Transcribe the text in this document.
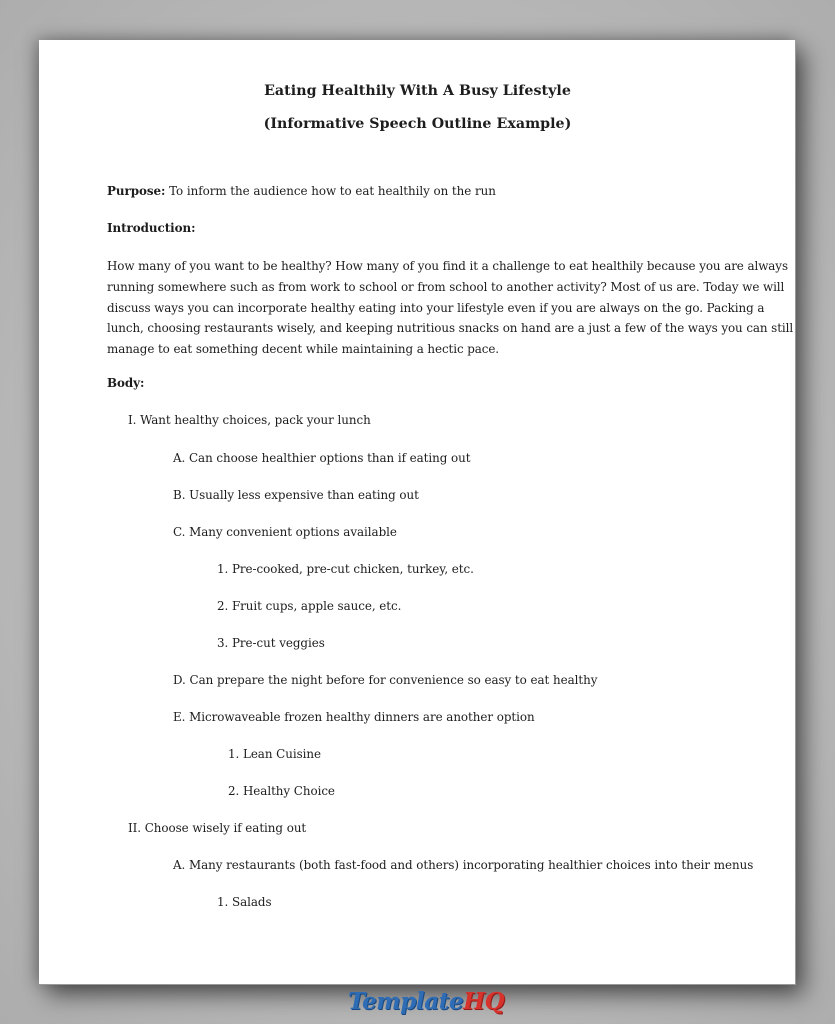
Eating Healthily With A Busy Lifestyle
(Informative Speech Outline Example)
Purpose: To inform the audience how to eat healthily on the run
Introduction:
How many of you want to be healthy? How many of you find it a challenge to eat healthily because you are always
running somewhere such as from work to school or from school to another activity? Most of us are. Today we will
discuss ways you can incorporate healthy eating into your lifestyle even if you are always on the go. Packing a
lunch, choosing restaurants wisely, and keeping nutritious snacks on hand are a just a few of the ways you can still
manage to eat something decent while maintaining a hectic pace.
Body:
I. Want healthy choices, pack your lunch
A. Can choose healthier options than if eating out
B. Usually less expensive than eating out
C. Many convenient options available
1. Pre-cooked, pre-cut chicken, turkey, etc.
2. Fruit cups, apple sauce, etc.
3. Pre-cut veggies
D. Can prepare the night before for convenience so easy to eat healthy
E. Microwaveable frozen healthy dinners are another option
1. Lean Cuisine
2. Healthy Choice
II. Choose wisely if eating out
A. Many restaurants (both fast-food and others) incorporating healthier choices into their menus
1. Salads
TemplateHQ
